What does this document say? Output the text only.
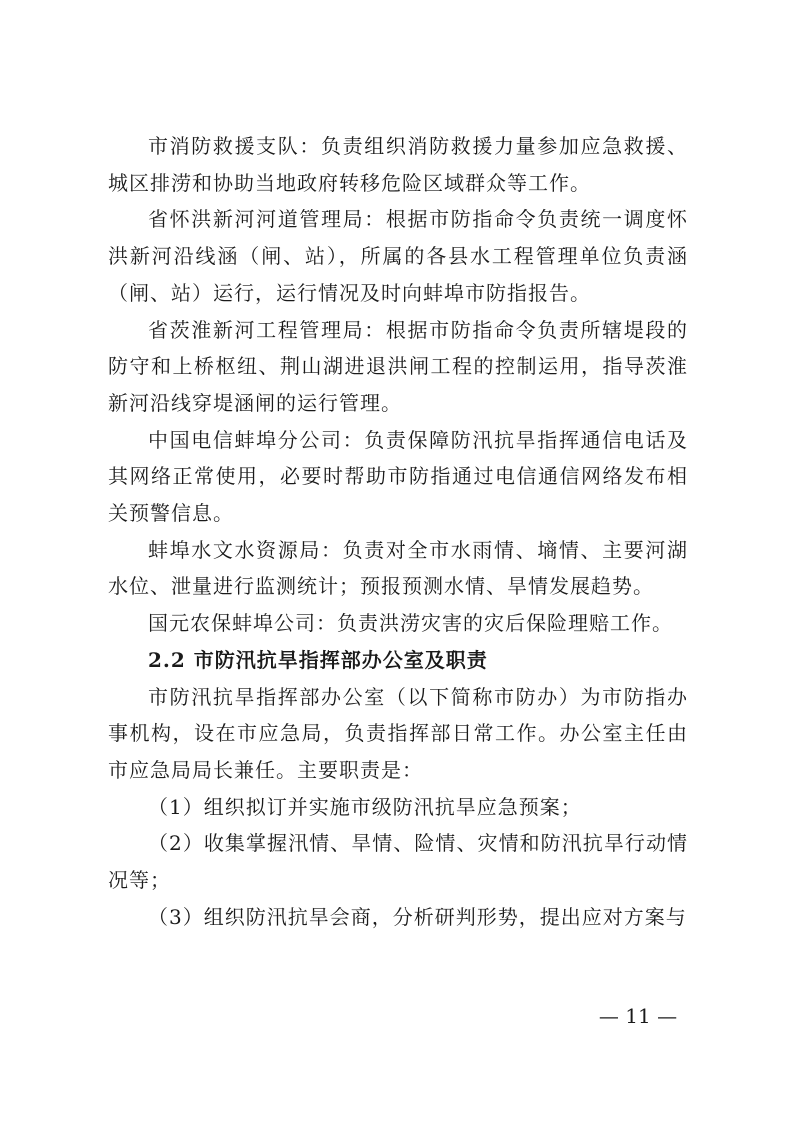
市消防救援支队：负责组织消防救援力量参加应急救援、城区排涝和协助当地政府转移危险区域群众等工作。

省怀洪新河河道管理局：根据市防指命令负责统一调度怀洪新河沿线涵（闸、站），所属的各县水工程管理单位负责涵（闸、站）运行，运行情况及时向蚌埠市防指报告。

省茨淮新河工程管理局：根据市防指命令负责所辖堤段的防守和上桥枢纽、荆山湖进退洪闸工程的控制运用，指导茨淮新河沿线穿堤涵闸的运行管理。

中国电信蚌埠分公司：负责保障防汛抗旱指挥通信电话及其网络正常使用，必要时帮助市防指通过电信通信网络发布相关预警信息。

蚌埠水文水资源局：负责对全市水雨情、墒情、主要河湖水位、泄量进行监测统计；预报预测水情、旱情发展趋势。

国元农保蚌埠公司：负责洪涝灾害的灾后保险理赔工作。

2.2 市防汛抗旱指挥部办公室及职责

市防汛抗旱指挥部办公室（以下简称市防办）为市防指办事机构，设在市应急局，负责指挥部日常工作。办公室主任由市应急局局长兼任。主要职责是：

（1）组织拟订并实施市级防汛抗旱应急预案；

（2）收集掌握汛情、旱情、险情、灾情和防汛抗旱行动情况等；

（3）组织防汛抗旱会商，分析研判形势，提出应对方案与

— 11 —
